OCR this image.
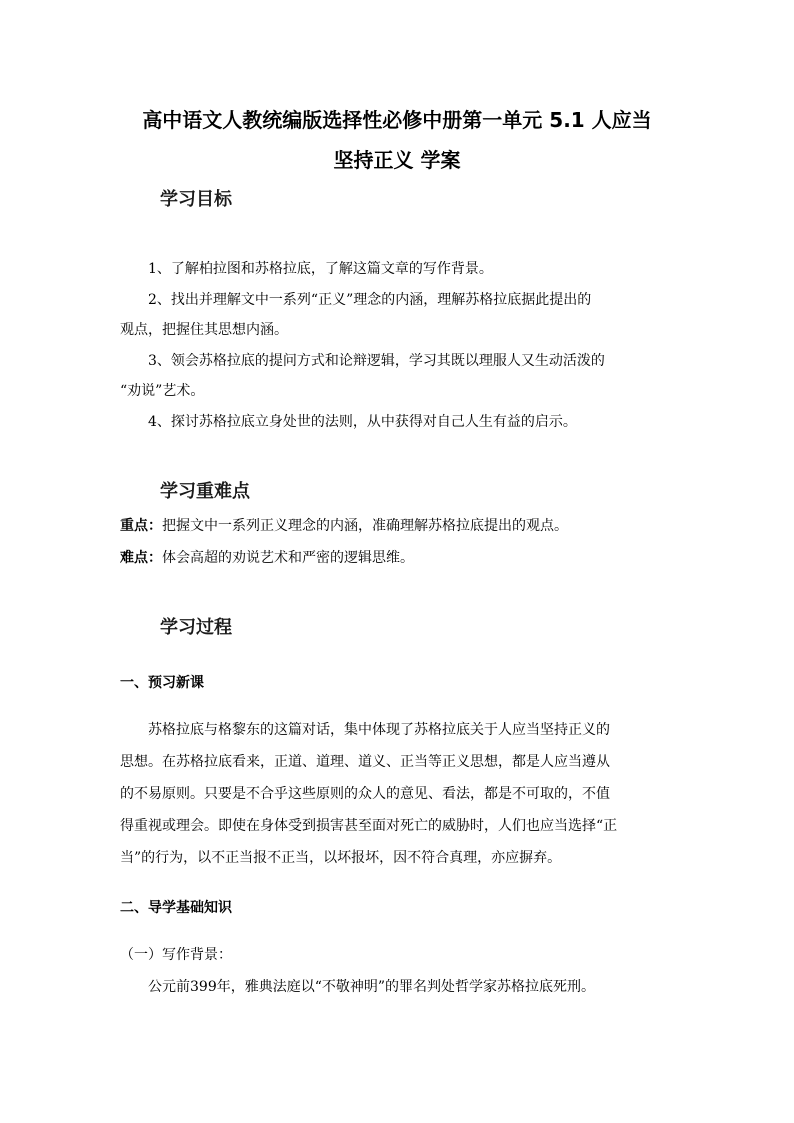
高中语文人教统编版选择性必修中册第一单元 5.1 人应当
坚持正义 学案
学习目标

1、了解柏拉图和苏格拉底，了解这篇文章的写作背景。

2、找出并理解文中一系列“正义”理念的内涵，理解苏格拉底据此提出的

观点，把握住其思想内涵。

3、领会苏格拉底的提问方式和论辩逻辑，学习其既以理服人又生动活泼的

“劝说”艺术。

4、探讨苏格拉底立身处世的法则，从中获得对自己人生有益的启示。

学习重难点

重点：把握文中一系列正义理念的内涵，准确理解苏格拉底提出的观点。

难点：体会高超的劝说艺术和严密的逻辑思维。

学习过程

一、预习新课

苏格拉底与格黎东的这篇对话，集中体现了苏格拉底关于人应当坚持正义的

思想。在苏格拉底看来，正道、道理、道义、正当等正义思想，都是人应当遵从

的不易原则。只要是不合乎这些原则的众人的意见、看法，都是不可取的，不值

得重视或理会。即使在身体受到损害甚至面对死亡的威胁时，人们也应当选择“正

当”的行为，以不正当报不正当，以坏报坏，因不符合真理，亦应摒弃。

二、导学基础知识

（一）写作背景：

公元前399年，雅典法庭以“不敬神明”的罪名判处哲学家苏格拉底死刑。
